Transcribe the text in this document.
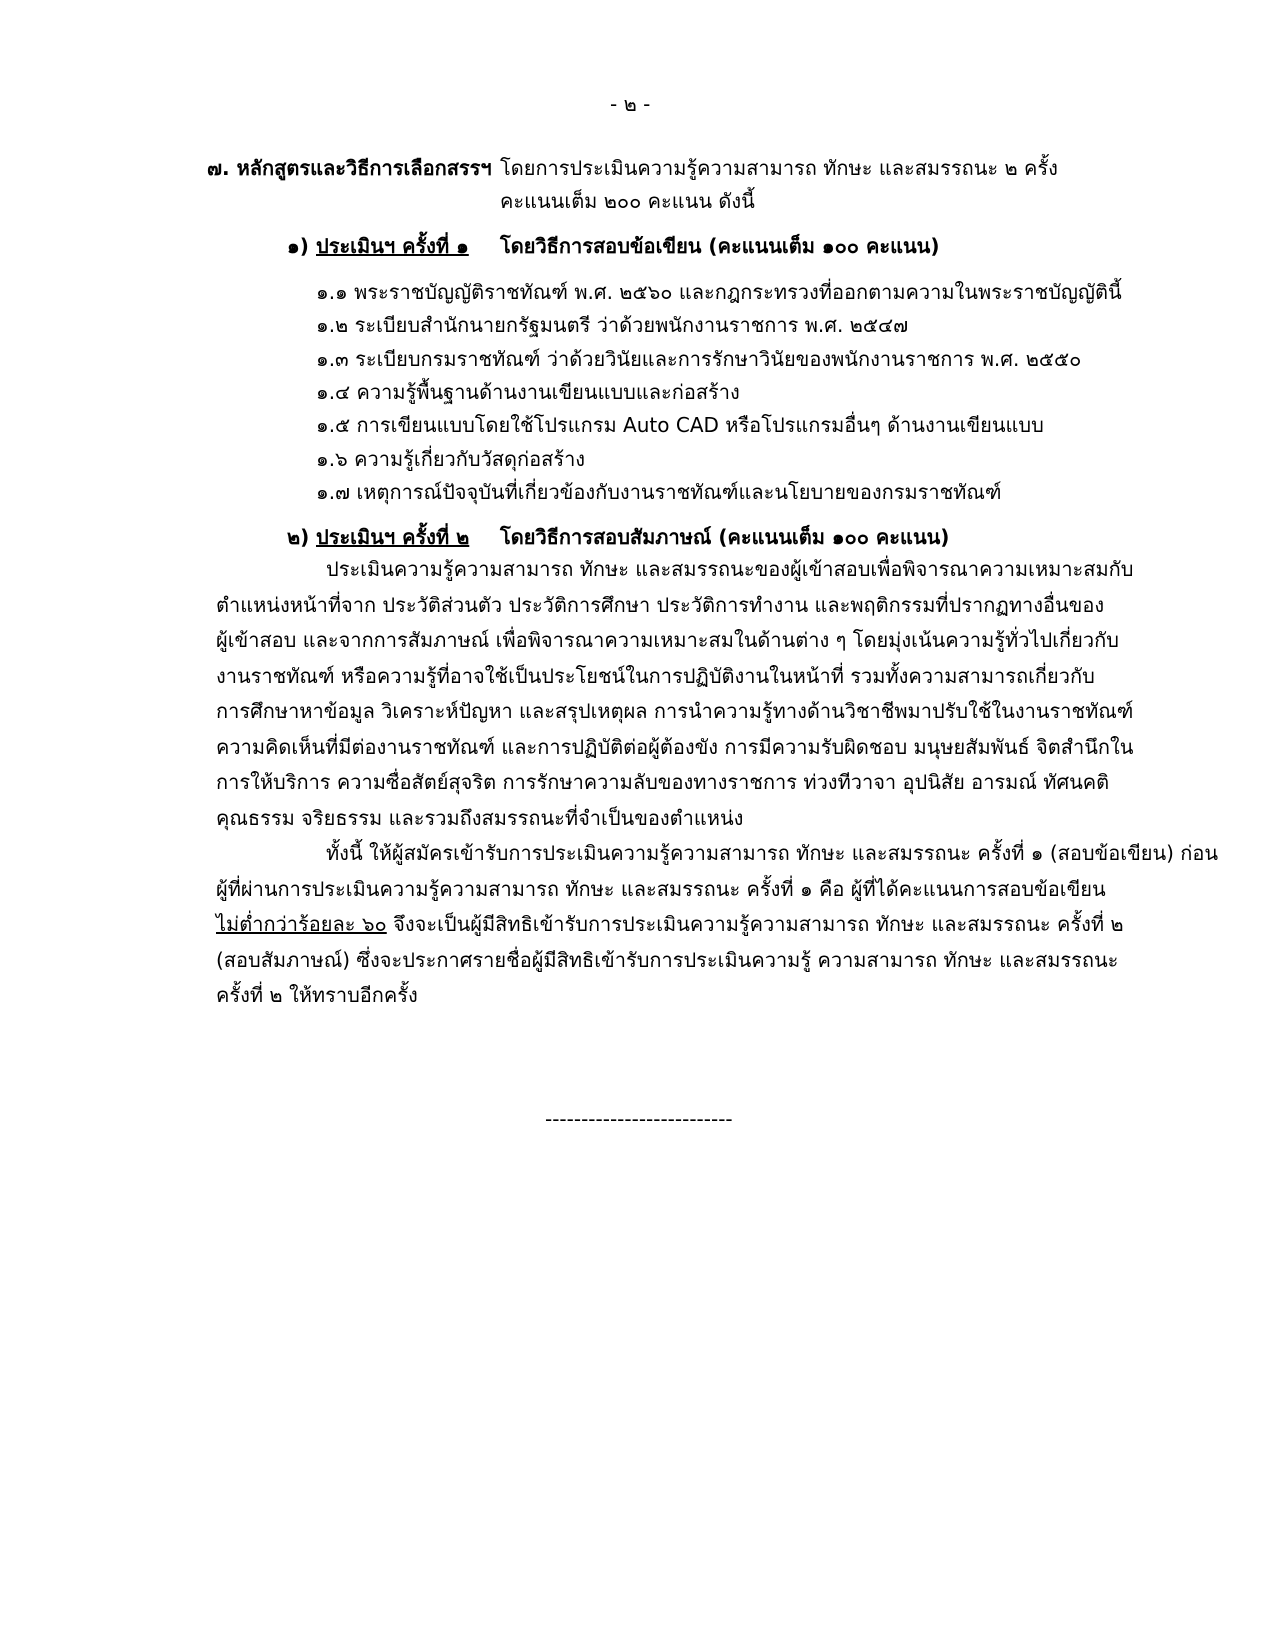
- ๒ -
๗. หลักสูตรและวิธีการเลือกสรรฯ โดยการประเมินความรู้ความสามารถ ทักษะ และสมรรถนะ ๒ ครั้ง
คะแนนเต็ม ๒๐๐ คะแนน ดังนี้
๑) ประเมินฯ ครั้งที่ ๑ โดยวิธีการสอบข้อเขียน (คะแนนเต็ม ๑๐๐ คะแนน)
๑.๑ พระราชบัญญัติราชทัณฑ์ พ.ศ. ๒๕๖๐ และกฎกระทรวงที่ออกตามความในพระราชบัญญัตินี้
๑.๒ ระเบียบสำนักนายกรัฐมนตรี ว่าด้วยพนักงานราชการ พ.ศ. ๒๕๔๗
๑.๓ ระเบียบกรมราชทัณฑ์ ว่าด้วยวินัยและการรักษาวินัยของพนักงานราชการ พ.ศ. ๒๕๕๐
๑.๔ ความรู้พื้นฐานด้านงานเขียนแบบและก่อสร้าง
๑.๕ การเขียนแบบโดยใช้โปรแกรม Auto CAD หรือโปรแกรมอื่นๆ ด้านงานเขียนแบบ
๑.๖ ความรู้เกี่ยวกับวัสดุก่อสร้าง
๑.๗ เหตุการณ์ปัจจุบันที่เกี่ยวข้องกับงานราชทัณฑ์และนโยบายของกรมราชทัณฑ์
๒) ประเมินฯ ครั้งที่ ๒ โดยวิธีการสอบสัมภาษณ์ (คะแนนเต็ม ๑๐๐ คะแนน)
ประเมินความรู้ความสามารถ ทักษะ และสมรรถนะของผู้เข้าสอบเพื่อพิจารณาความเหมาะสมกับ
ตำแหน่งหน้าที่จาก ประวัติส่วนตัว ประวัติการศึกษา ประวัติการทำงาน และพฤติกรรมที่ปรากฏทางอื่นของ
ผู้เข้าสอบ และจากการสัมภาษณ์ เพื่อพิจารณาความเหมาะสมในด้านต่าง ๆ โดยมุ่งเน้นความรู้ทั่วไปเกี่ยวกับ
งานราชทัณฑ์ หรือความรู้ที่อาจใช้เป็นประโยชน์ในการปฏิบัติงานในหน้าที่ รวมทั้งความสามารถเกี่ยวกับ
การศึกษาหาข้อมูล วิเคราะห์ปัญหา และสรุปเหตุผล การนำความรู้ทางด้านวิชาชีพมาปรับใช้ในงานราชทัณฑ์
ความคิดเห็นที่มีต่องานราชทัณฑ์ และการปฏิบัติต่อผู้ต้องขัง การมีความรับผิดชอบ มนุษยสัมพันธ์ จิตสำนึกใน
การให้บริการ ความซื่อสัตย์สุจริต การรักษาความลับของทางราชการ ท่วงทีวาจา อุปนิสัย อารมณ์ ทัศนคติ
คุณธรรม จริยธรรม และรวมถึงสมรรถนะที่จำเป็นของตำแหน่ง
ทั้งนี้ ให้ผู้สมัครเข้ารับการประเมินความรู้ความสามารถ ทักษะ และสมรรถนะ ครั้งที่ ๑ (สอบข้อเขียน) ก่อน
ผู้ที่ผ่านการประเมินความรู้ความสามารถ ทักษะ และสมรรถนะ ครั้งที่ ๑ คือ ผู้ที่ได้คะแนนการสอบข้อเขียน
ไม่ต่ำกว่าร้อยละ ๖๐ จึงจะเป็นผู้มีสิทธิเข้ารับการประเมินความรู้ความสามารถ ทักษะ และสมรรถนะ ครั้งที่ ๒
(สอบสัมภาษณ์) ซึ่งจะประกาศรายชื่อผู้มีสิทธิเข้ารับการประเมินความรู้ ความสามารถ ทักษะ และสมรรถนะ
ครั้งที่ ๒ ให้ทราบอีกครั้ง
--------------------------
